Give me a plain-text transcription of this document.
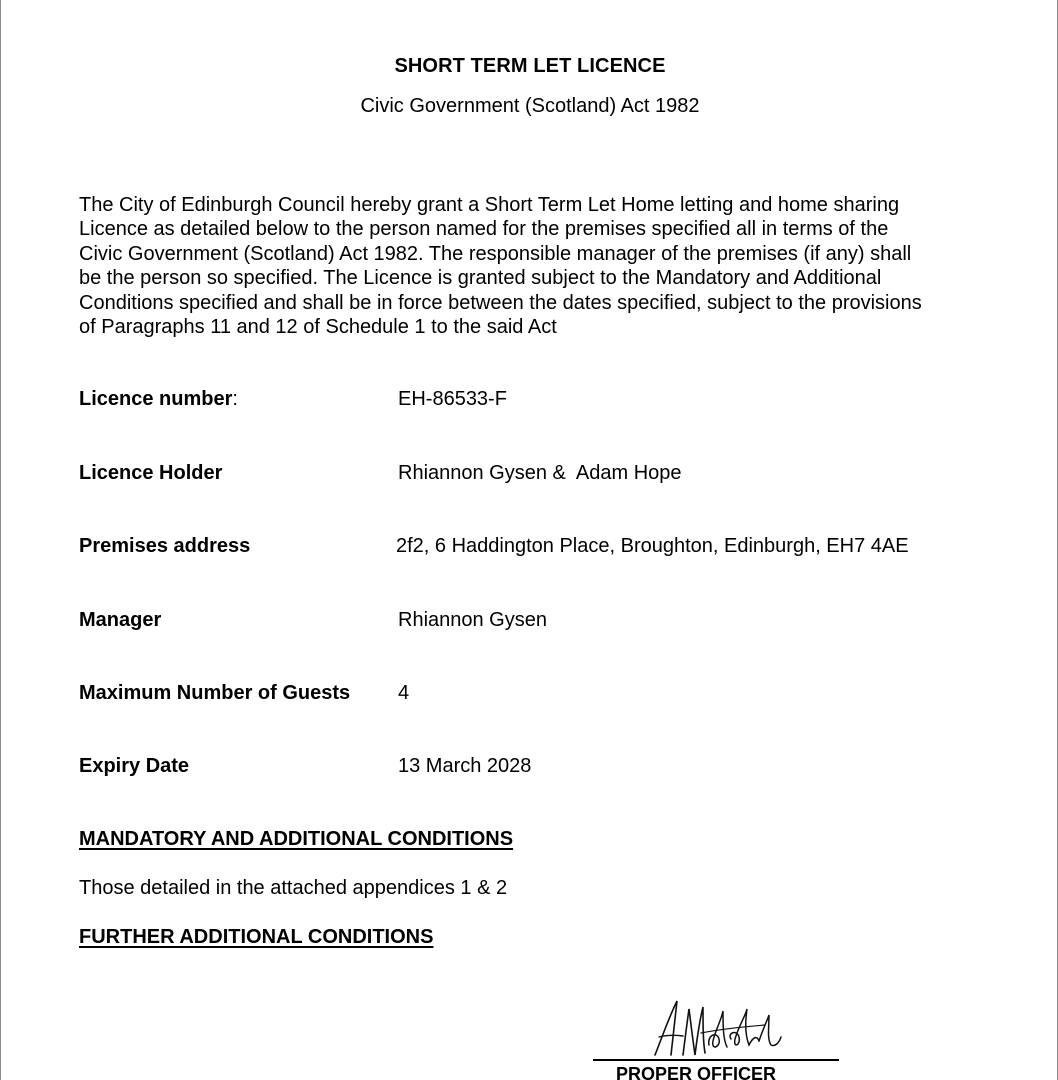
SHORT TERM LET LICENCE
Civic Government (Scotland) Act 1982
The City of Edinburgh Council hereby grant a Short Term Let Home letting and home sharing
Licence as detailed below to the person named for the premises specified all in terms of the
Civic Government (Scotland) Act 1982. The responsible manager of the premises (if any) shall
be the person so specified. The Licence is granted subject to the Mandatory and Additional
Conditions specified and shall be in force between the dates specified, subject to the provisions
of Paragraphs 11 and 12 of Schedule 1 to the said Act
Licence number:	EH-86533-F
Licence Holder	Rhiannon Gysen &  Adam Hope
Premises address	2f2, 6 Haddington Place, Broughton, Edinburgh, EH7 4AE
Manager	Rhiannon Gysen
Maximum Number of Guests 4
Expiry Date	13 March 2028
MANDATORY AND ADDITIONAL CONDITIONS
Those detailed in the attached appendices 1 & 2
FURTHER ADDITIONAL CONDITIONS
PROPER OFFICER
